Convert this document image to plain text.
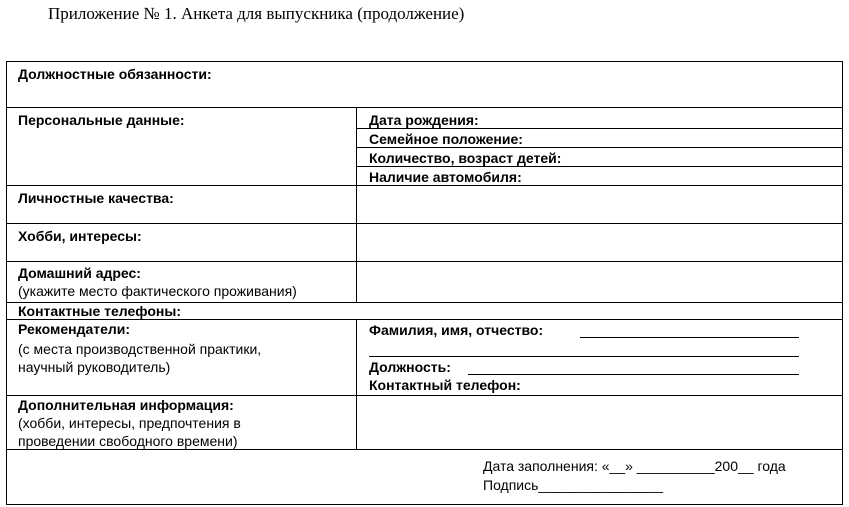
Приложение № 1. Анкета для выпускника (продолжение)
Должностные обязанности:
Персональные данные:
Личностные качества:
Хобби, интересы:
Домашний адрес:
(укажите место фактического проживания)
Контактные телефоны:
Рекомендатели:
(с места производственной практики,
научный руководитель)
Дополнительная информация:
(хобби, интересы, предпочтения в
проведении свободного времени)
Дата рождения:
Семейное положение:
Количество, возраст детей:
Наличие автомобиля:
Фамилия, имя, отчество:
Должность:
Контактный телефон:
Дата заполнения: «__» __________200__ года
Подпись________________
